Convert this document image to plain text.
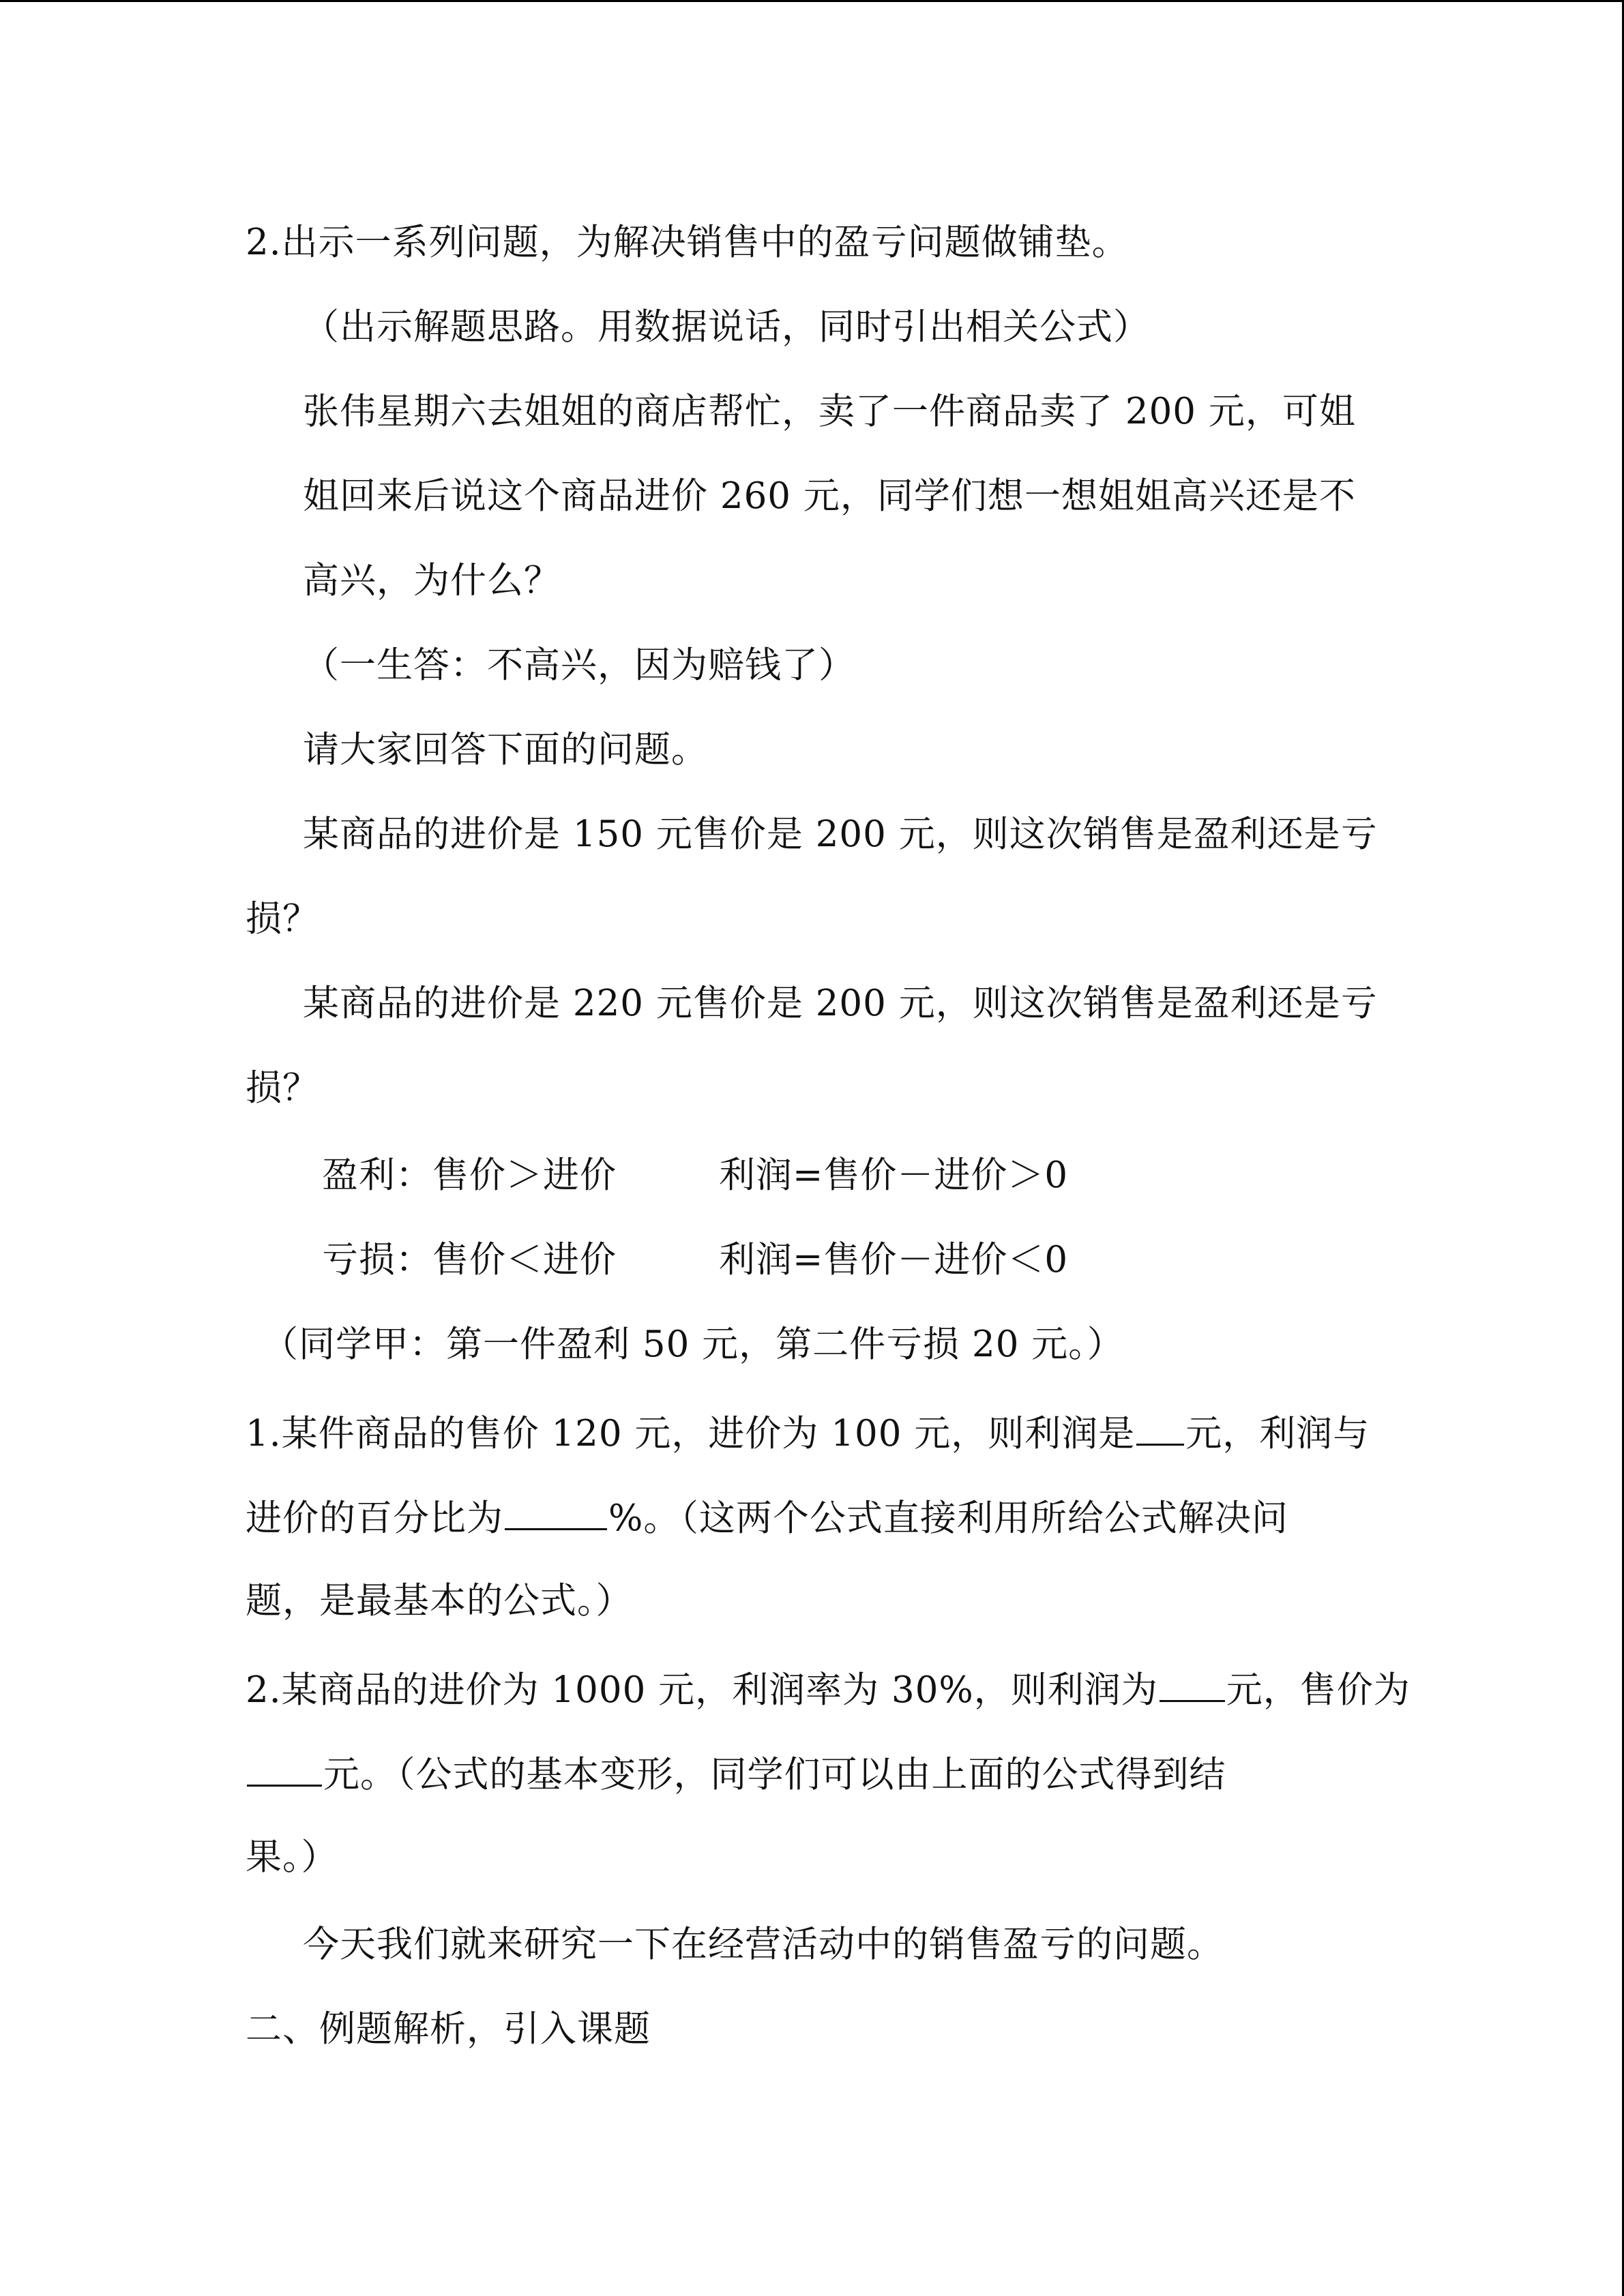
2.出示一系列问题，为解决销售中的盈亏问题做铺垫。
（出示解题思路。用数据说话，同时引出相关公式）
张伟星期六去姐姐的商店帮忙，卖了一件商品卖了 200 元，可姐
姐回来后说这个商品进价 260 元，同学们想一想姐姐高兴还是不
高兴，为什么？
（一生答：不高兴，因为赔钱了）
请大家回答下面的问题。
某商品的进价是 150 元售价是 200 元，则这次销售是盈利还是亏
损？
某商品的进价是 220 元售价是 200 元，则这次销售是盈利还是亏
损？
盈利：售价＞进价	利润=售价－进价＞0
亏损：售价＜进价	利润=售价－进价＜0
（同学甲：第一件盈利 50 元，第二件亏损 20 元。）
1.某件商品的售价 120 元，进价为 100 元，则利润是 元，利润与
进价的百分比为	%。（这两个公式直接利用所给公式解决问
题，是最基本的公式。）
2.某商品的进价为 1000 元，利润率为 30%，则利润为 元，售价为
元。（公式的基本变形，同学们可以由上面的公式得到结
果。）
今天我们就来研究一下在经营活动中的销售盈亏的问题。
二、例题解析，引入课题
